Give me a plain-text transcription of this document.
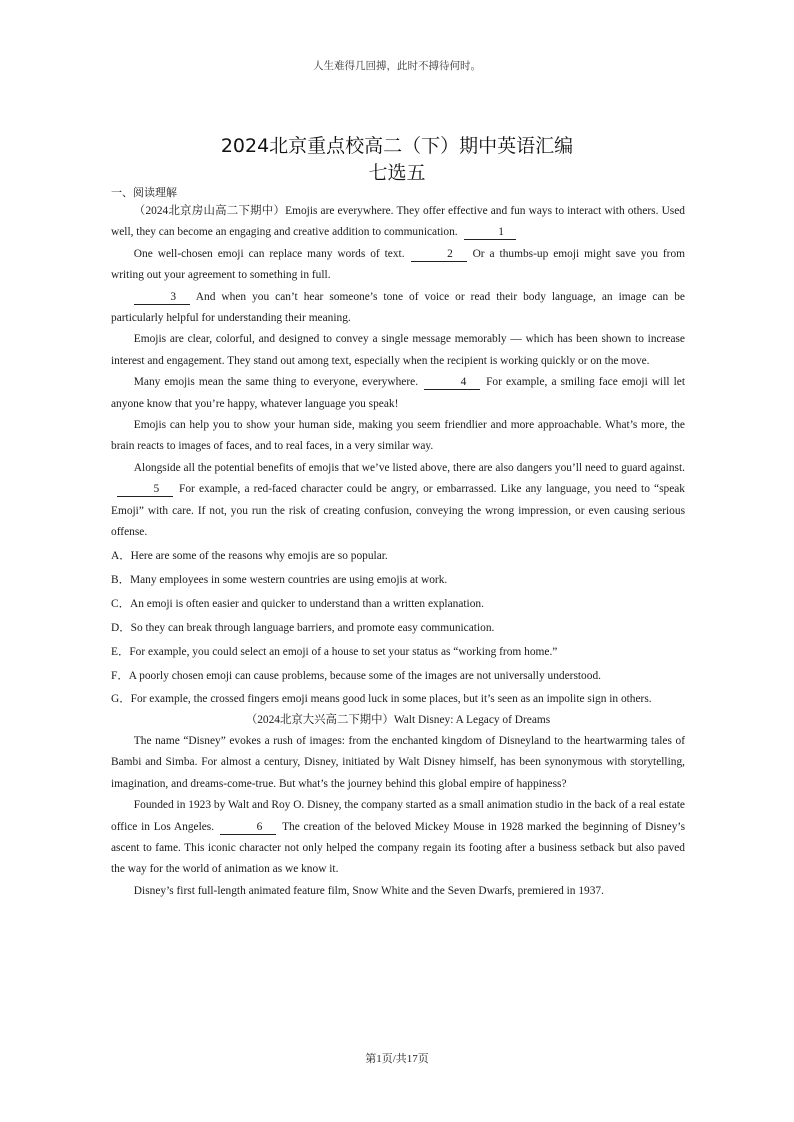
人生难得几回搏，此时不搏待何时。
2024北京重点校高二（下）期中英语汇编
七选五
一、阅读理解

（2024北京房山高二下期中）Emojis are everywhere. They offer effective and fun ways to interact with others. Used well, they can become an engaging and creative addition to communication.	1

One well-chosen emoji can replace many words of text.	2 Or a thumbs-up emoji might save you from writing out your agreement to something in full.

3 And when you can’t hear someone’s tone of voice or read their body language, an image can be particularly helpful for understanding their meaning.

Emojis are clear, colorful, and designed to convey a single message memorably — which has been shown to increase interest and engagement. They stand out among text, especially when the recipient is working quickly or on the move.

Many emojis mean the same thing to everyone, everywhere.	4 For example, a smiling face emoji will let anyone know that you’re happy, whatever language you speak!

Emojis can help you to show your human side, making you seem friendlier and more approachable. What’s more, the brain reacts to images of faces, and to real faces, in a very similar way.

Alongside all the potential benefits of emojis that we’ve listed above, there are also dangers you’ll need to guard against.5 For example, a red-faced character could be angry, or embarrassed. Like any language, you need to “speak Emoji” with care. If not, you run the risk of creating confusion, conveying the wrong impression, or even causing serious offense.

A．Here are some of the reasons why emojis are so popular.

B．Many employees in some western countries are using emojis at work.

C．An emoji is often easier and quicker to understand than a written explanation.

D．So they can break through language barriers, and promote easy communication.

E．For example, you could select an emoji of a house to set your status as “working from home.”

F．A poorly chosen emoji can cause problems, because some of the images are not universally understood.

G．For example, the crossed fingers emoji means good luck in some places, but it’s seen as an impolite sign in others.

（2024北京大兴高二下期中）Walt Disney: A Legacy of Dreams

The name “Disney” evokes a rush of images: from the enchanted kingdom of Disneyland to the heartwarming tales of Bambi and Simba. For almost a century, Disney, initiated by Walt Disney himself, has been synonymous with storytelling, imagination, and dreams-come-true. But what’s the journey behind this global empire of happiness?

Founded in 1923 by Walt and Roy O. Disney, the company started as a small animation studio in the back of a real estate office in Los Angeles.	6 The creation of the beloved Mickey Mouse in 1928 marked the beginning of Disney’s ascent to fame. This iconic character not only helped the company regain its footing after a business setback but also paved the way for the world of animation as we know it.

Disney’s first full-length animated feature film, Snow White and the Seven Dwarfs, premiered in 1937.

第1页/共17页
